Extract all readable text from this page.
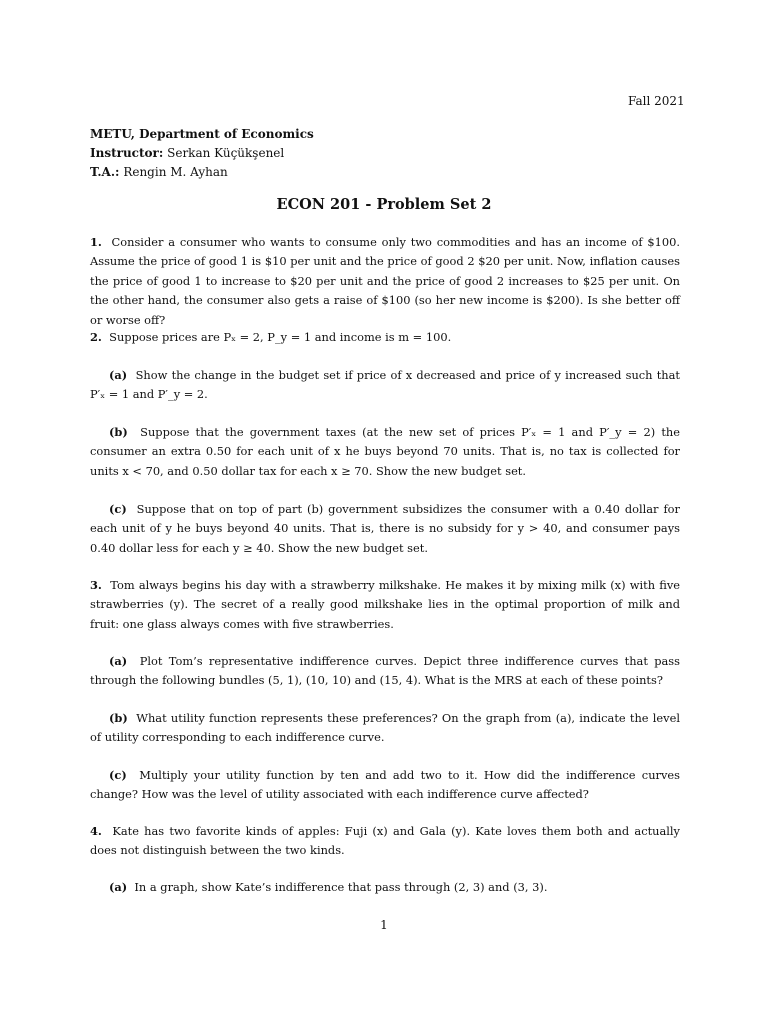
Fall 2021
METU, Department of Economics
Instructor: Serkan Küçükşenel
T.A.: Rengin M. Ayhan
ECON 201 - Problem Set 2
1. Consider a consumer who wants to consume only two commodities and has an income of $100. Assume the price of good 1 is $10 per unit and the price of good 2 $20 per unit. Now, inflation causes the price of good 1 to increase to $20 per unit and the price of good 2 increases to $25 per unit. On the other hand, the consumer also gets a raise of $100 (so her new income is $200). Is she better off or worse off?
2. Suppose prices are Pₓ = 2, P_y = 1 and income is m = 100.
(a) Show the change in the budget set if price of x decreased and price of y increased such that P′ₓ = 1 and P′_y = 2.
(b) Suppose that the government taxes (at the new set of prices P′ₓ = 1 and P′_y = 2) the consumer an extra 0.50 for each unit of x he buys beyond 70 units. That is, no tax is collected for units x < 70, and 0.50 dollar tax for each x ≥ 70. Show the new budget set.
(c) Suppose that on top of part (b) government subsidizes the consumer with a 0.40 dollar for each unit of y he buys beyond 40 units. That is, there is no subsidy for y > 40, and consumer pays 0.40 dollar less for each y ≥ 40. Show the new budget set.
3. Tom always begins his day with a strawberry milkshake. He makes it by mixing milk (x) with five strawberries (y). The secret of a really good milkshake lies in the optimal proportion of milk and fruit: one glass always comes with five strawberries.
(a) Plot Tom’s representative indifference curves. Depict three indifference curves that pass through the following bundles (5, 1), (10, 10) and (15, 4). What is the MRS at each of these points?
(b) What utility function represents these preferences? On the graph from (a), indicate the level of utility corresponding to each indifference curve.
(c) Multiply your utility function by ten and add two to it. How did the indifference curves change? How was the level of utility associated with each indifference curve affected?
4. Kate has two favorite kinds of apples: Fuji (x) and Gala (y). Kate loves them both and actually does not distinguish between the two kinds.
(a) In a graph, show Kate’s indifference that pass through (2, 3) and (3, 3).
1
